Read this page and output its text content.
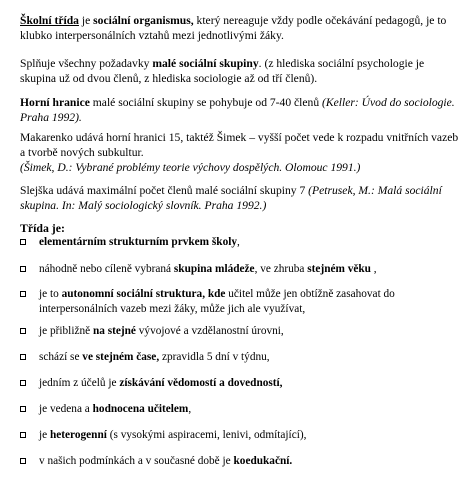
Školní třída je sociální organismus, který nereaguje vždy podle očekávání pedagogů, je to
klubko interpersonálních vztahů mezi jednotlivými žáky.
Splňuje všechny požadavky malé sociální skupiny. (z hlediska sociální psychologie je
skupina už od dvou členů, z hlediska sociologie až od tří členů).
Horní hranice malé sociální skupiny se pohybuje od 7-40 členů (Keller: Úvod do sociologie.
Praha 1992).
Makarenko udává horní hranici 15, taktéž Šimek – vyšší počet vede k rozpadu vnitřních vazeb
a tvorbě nových subkultur.
(Šimek, D.: Vybrané problémy teorie výchovy dospělých. Olomouc 1991.)
Slejška udává maximální počet členů malé sociální skupiny 7 (Petrusek, M.: Malá sociální
skupina. In: Malý sociologický slovník. Praha 1992.)
Třída je:
elementárním strukturním prvkem školy,
náhodně nebo cíleně vybraná skupina mládeže, ve zhruba stejném věku ,
je to autonomní sociální struktura, kde učitel může jen obtížně zasahovat do
interpersonálních vazeb mezi žáky, může jich ale využívat,
je přibližně na stejné vývojové a vzdělanostní úrovni,
schází se ve stejném čase, zpravidla 5 dní v týdnu,
jedním z účelů je získávání vědomostí a dovedností,
je vedena a hodnocena učitelem,
je heterogenní (s vysokými aspiracemi, lenivi, odmítající),
v našich podmínkách a v současné době je koedukační.
